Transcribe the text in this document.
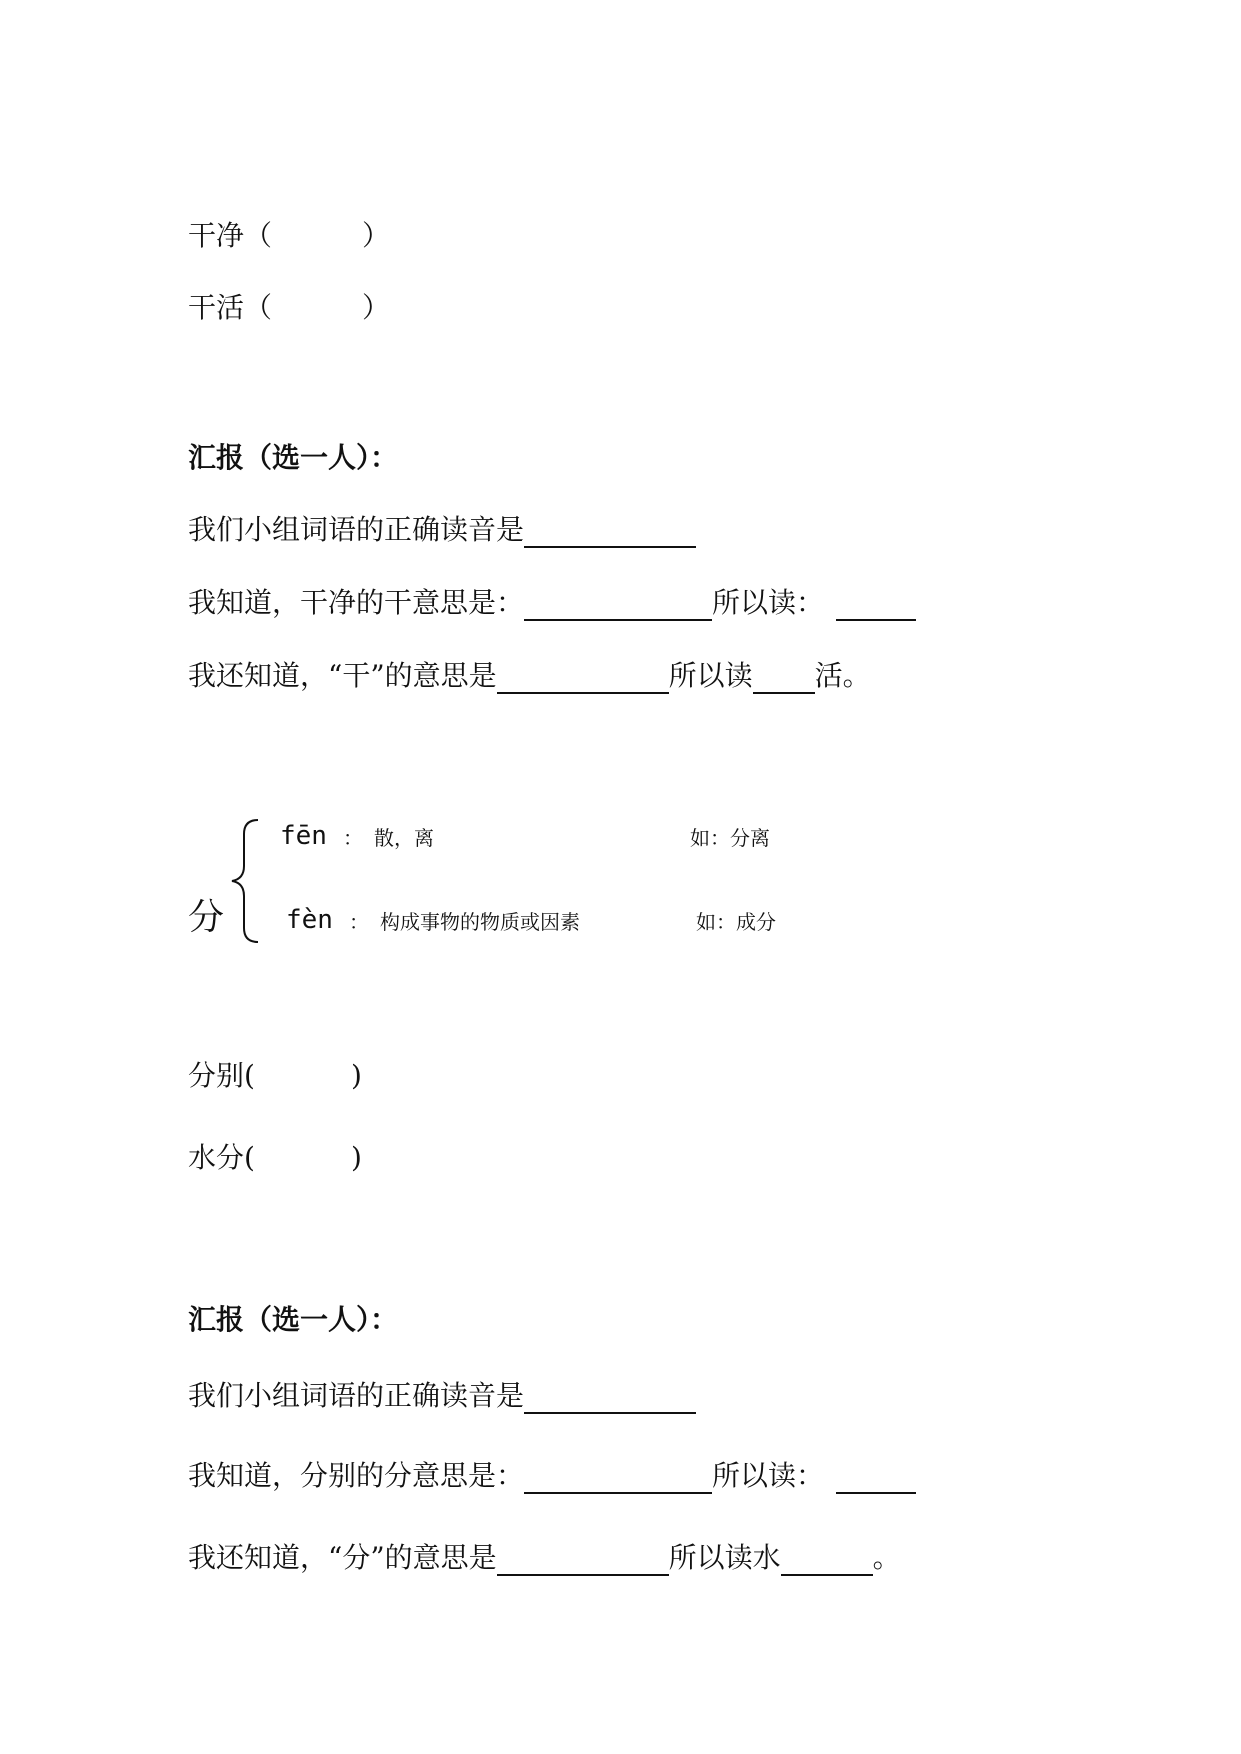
干净（	）
干活（	）
汇报（选一人）：
我们小组词语的正确读音是
我知道，干净的干意思是：	所以读：
我还知道，“干”的意思是	所以读 活。
分
fēn ： 散，离	如：分离
fèn ： 构成事物的物质或因素	如：成分
分别(	)
水分(	)
汇报（选一人）：
我们小组词语的正确读音是
我知道，分别的分意思是：	所以读：
我还知道，“分”的意思是	所以读水	。
